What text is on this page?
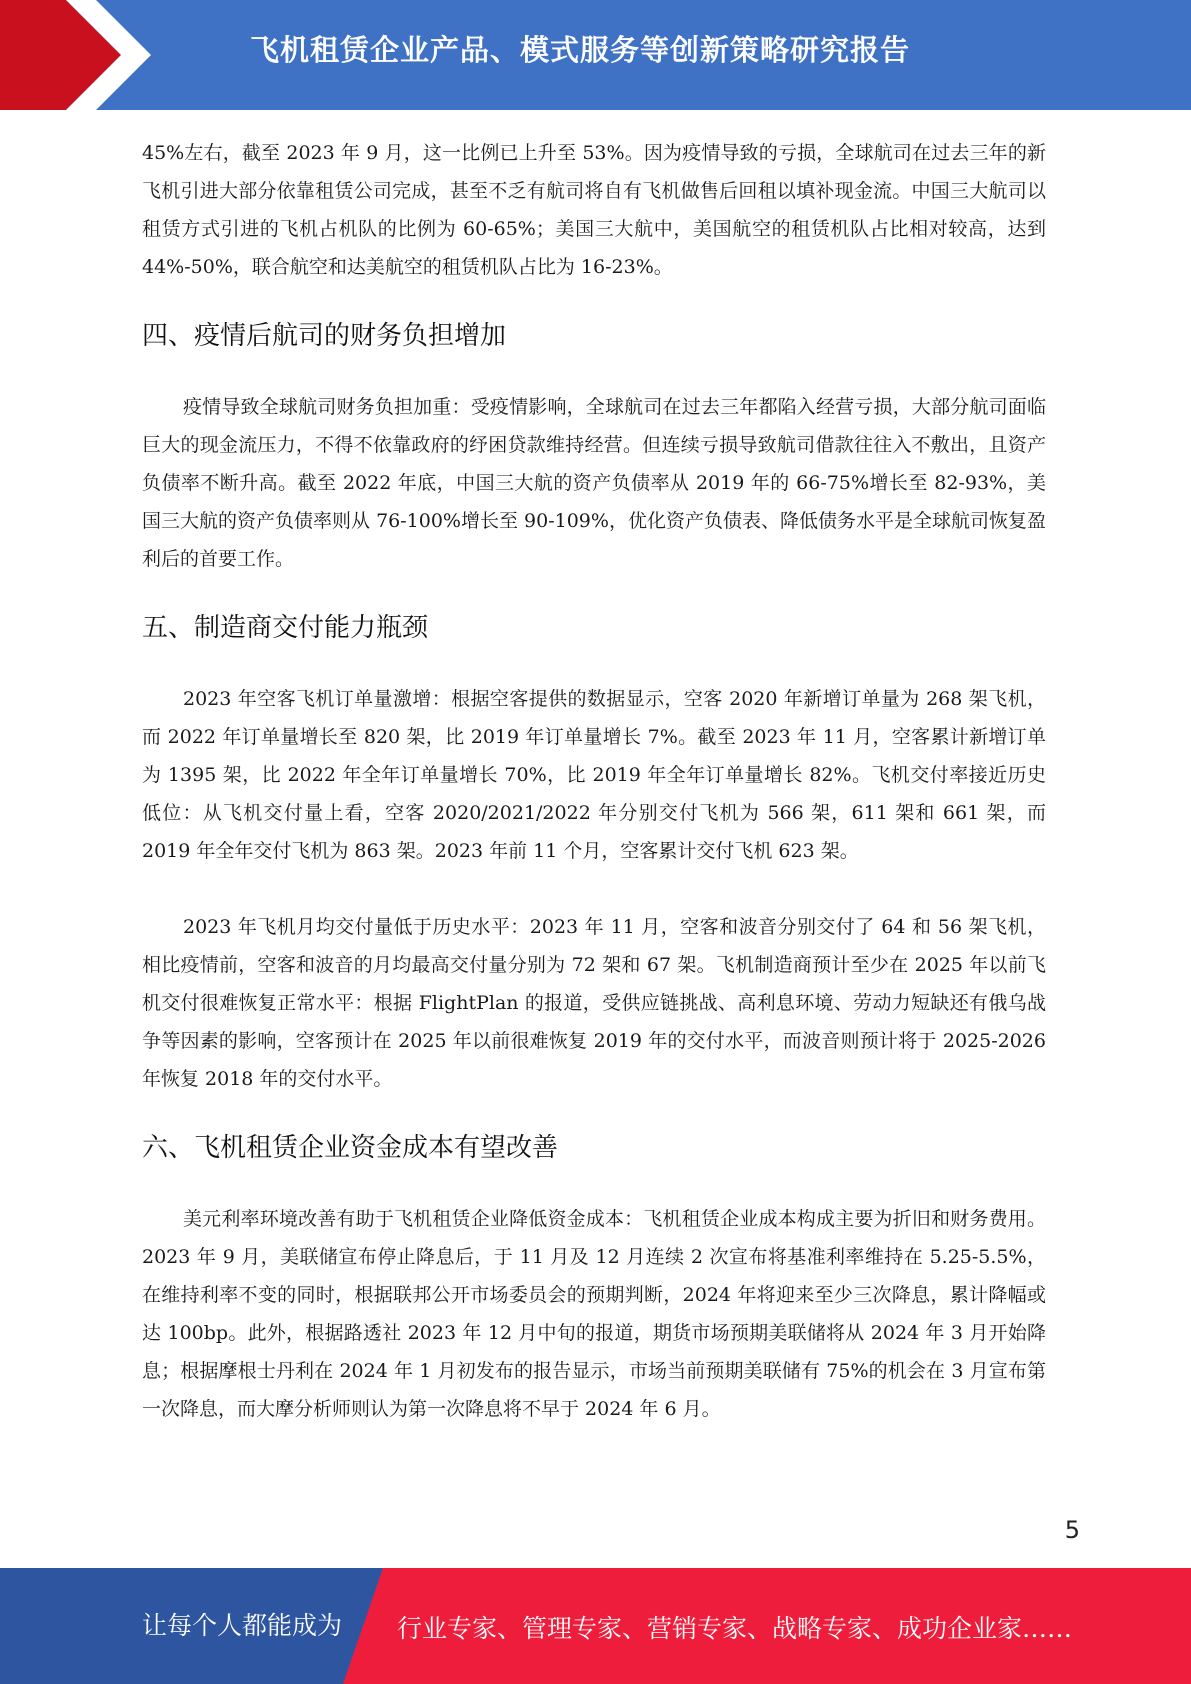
飞机租赁企业产品、模式服务等创新策略研究报告

45%左右，截至 2023 年 9 月，这一比例已上升至 53%。因为疫情导致的亏损，全球航司在过去三年的新飞机引进大部分依靠租赁公司完成，甚至不乏有航司将自有飞机做售后回租以填补现金流。中国三大航司以租赁方式引进的飞机占机队的比例为 60-65%；美国三大航中，美国航空的租赁机队占比相对较高，达到 44%-50%，联合航空和达美航空的租赁机队占比为 16-23%。

四、疫情后航司的财务负担增加

疫情导致全球航司财务负担加重：受疫情影响，全球航司在过去三年都陷入经营亏损，大部分航司面临巨大的现金流压力，不得不依靠政府的纾困贷款维持经营。但连续亏损导致航司借款往往入不敷出，且资产负债率不断升高。截至 2022 年底，中国三大航的资产负债率从 2019 年的 66-75%增长至 82-93%，美国三大航的资产负债率则从 76-100%增长至 90-109%，优化资产负债表、降低债务水平是全球航司恢复盈利后的首要工作。

五、制造商交付能力瓶颈

2023 年空客飞机订单量激增：根据空客提供的数据显示，空客 2020 年新增订单量为 268 架飞机，而 2022 年订单量增长至 820 架，比 2019 年订单量增长 7%。截至 2023 年 11 月，空客累计新增订单为 1395 架，比 2022 年全年订单量增长 70%，比 2019 年全年订单量增长 82%。飞机交付率接近历史低位：从飞机交付量上看，空客 2020/2021/2022 年分别交付飞机为 566 架，611 架和 661 架，而 2019 年全年交付飞机为 863 架。2023 年前 11 个月，空客累计交付飞机 623 架。

2023 年飞机月均交付量低于历史水平：2023 年 11 月，空客和波音分别交付了 64 和 56 架飞机，相比疫情前，空客和波音的月均最高交付量分别为 72 架和 67 架。飞机制造商预计至少在 2025 年以前飞机交付很难恢复正常水平：根据 FlightPlan 的报道，受供应链挑战、高利息环境、劳动力短缺还有俄乌战争等因素的影响，空客预计在 2025 年以前很难恢复 2019 年的交付水平，而波音则预计将于 2025-2026 年恢复 2018 年的交付水平。

六、飞机租赁企业资金成本有望改善

美元利率环境改善有助于飞机租赁企业降低资金成本：飞机租赁企业成本构成主要为折旧和财务费用。2023 年 9 月，美联储宣布停止降息后，于 11 月及 12 月连续 2 次宣布将基准利率维持在 5.25-5.5%，在维持利率不变的同时，根据联邦公开市场委员会的预期判断，2024 年将迎来至少三次降息，累计降幅或达 100bp。此外，根据路透社 2023 年 12 月中旬的报道，期货市场预期美联储将从 2024 年 3 月开始降息；根据摩根士丹利在 2024 年 1 月初发布的报告显示，市场当前预期美联储有 75%的机会在 3 月宣布第一次降息，而大摩分析师则认为第一次降息将不早于 2024 年 6 月。

5
让每个人都能成为 行业专家、管理专家、营销专家、战略专家、成功企业家……
